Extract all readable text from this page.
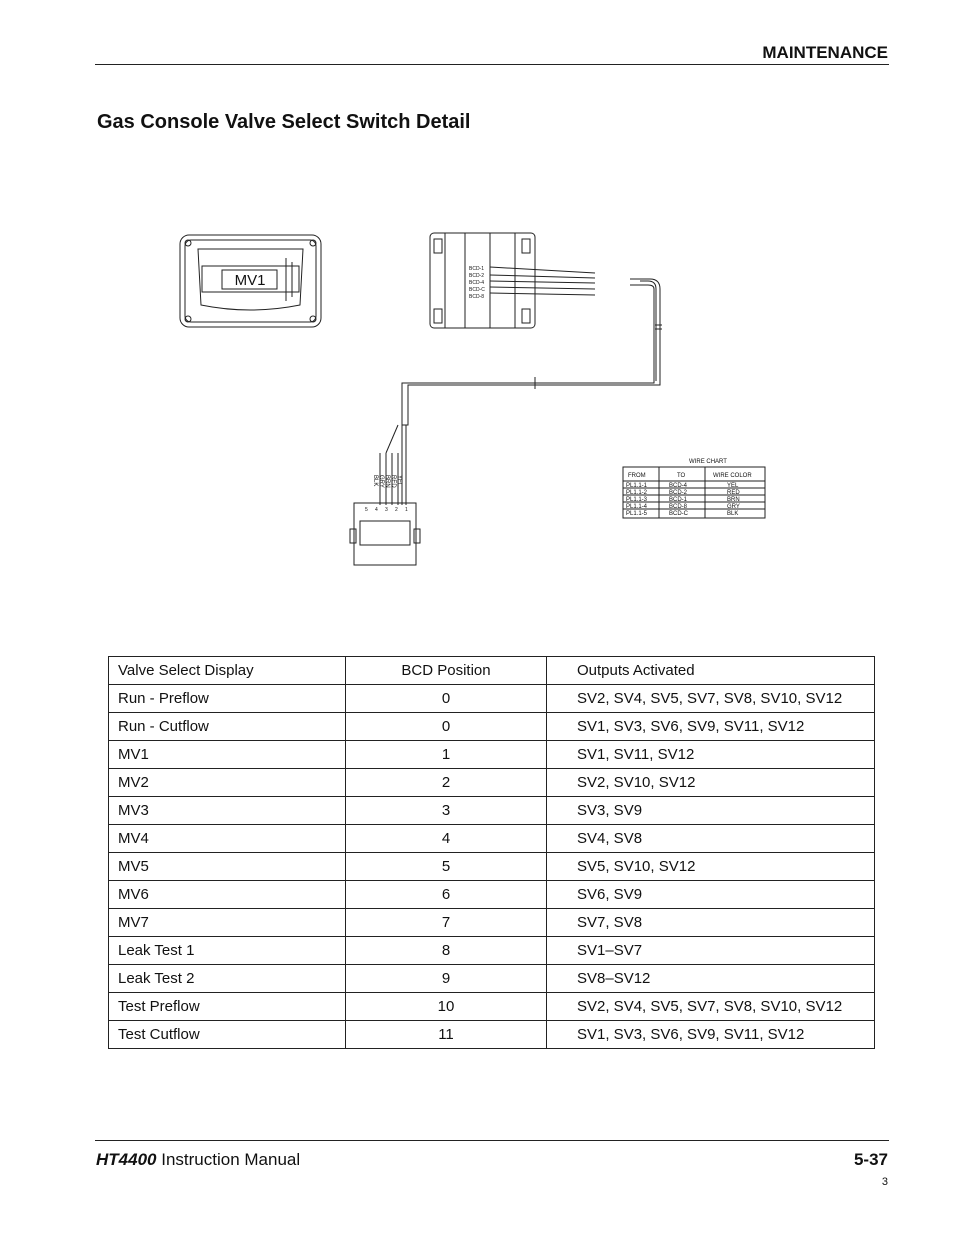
MAINTENANCE
Gas Console Valve Select Switch Detail
MV1
BCD-1
BCD-2
BCD-4
BCD-C
BCD-8
BLK GRY BRN RED YEL
5 4 3 2 1
WIRE CHART
FROM	TO	WIRE COLOR
PL1.1-1	BCD-4	YEL
PL1.1-2	BCD-2	RED
PL1.1-3	BCD-1	BRN
PL1.1-4	BCD-8	GRY
PL1.1-5	BCD-C	BLK
Valve Select Display	BCD Position	Outputs Activated
Run - Preflow	0	SV2, SV4, SV5, SV7, SV8, SV10, SV12
Run - Cutflow	0	SV1, SV3, SV6, SV9, SV11, SV12
MV1	1	SV1, SV11, SV12
MV2	2	SV2, SV10, SV12
MV3	3	SV3, SV9
MV4	4	SV4, SV8
MV5	5	SV5, SV10, SV12
MV6	6	SV6, SV9
MV7	7	SV7, SV8
Leak Test 1	8	SV1–SV7
Leak Test 2	9	SV8–SV12
Test Preflow	10	SV2, SV4, SV5, SV7, SV8, SV10, SV12
Test Cutflow	11	SV1, SV3, SV6, SV9, SV11, SV12
HT4400 Instruction Manual	5-37
3
